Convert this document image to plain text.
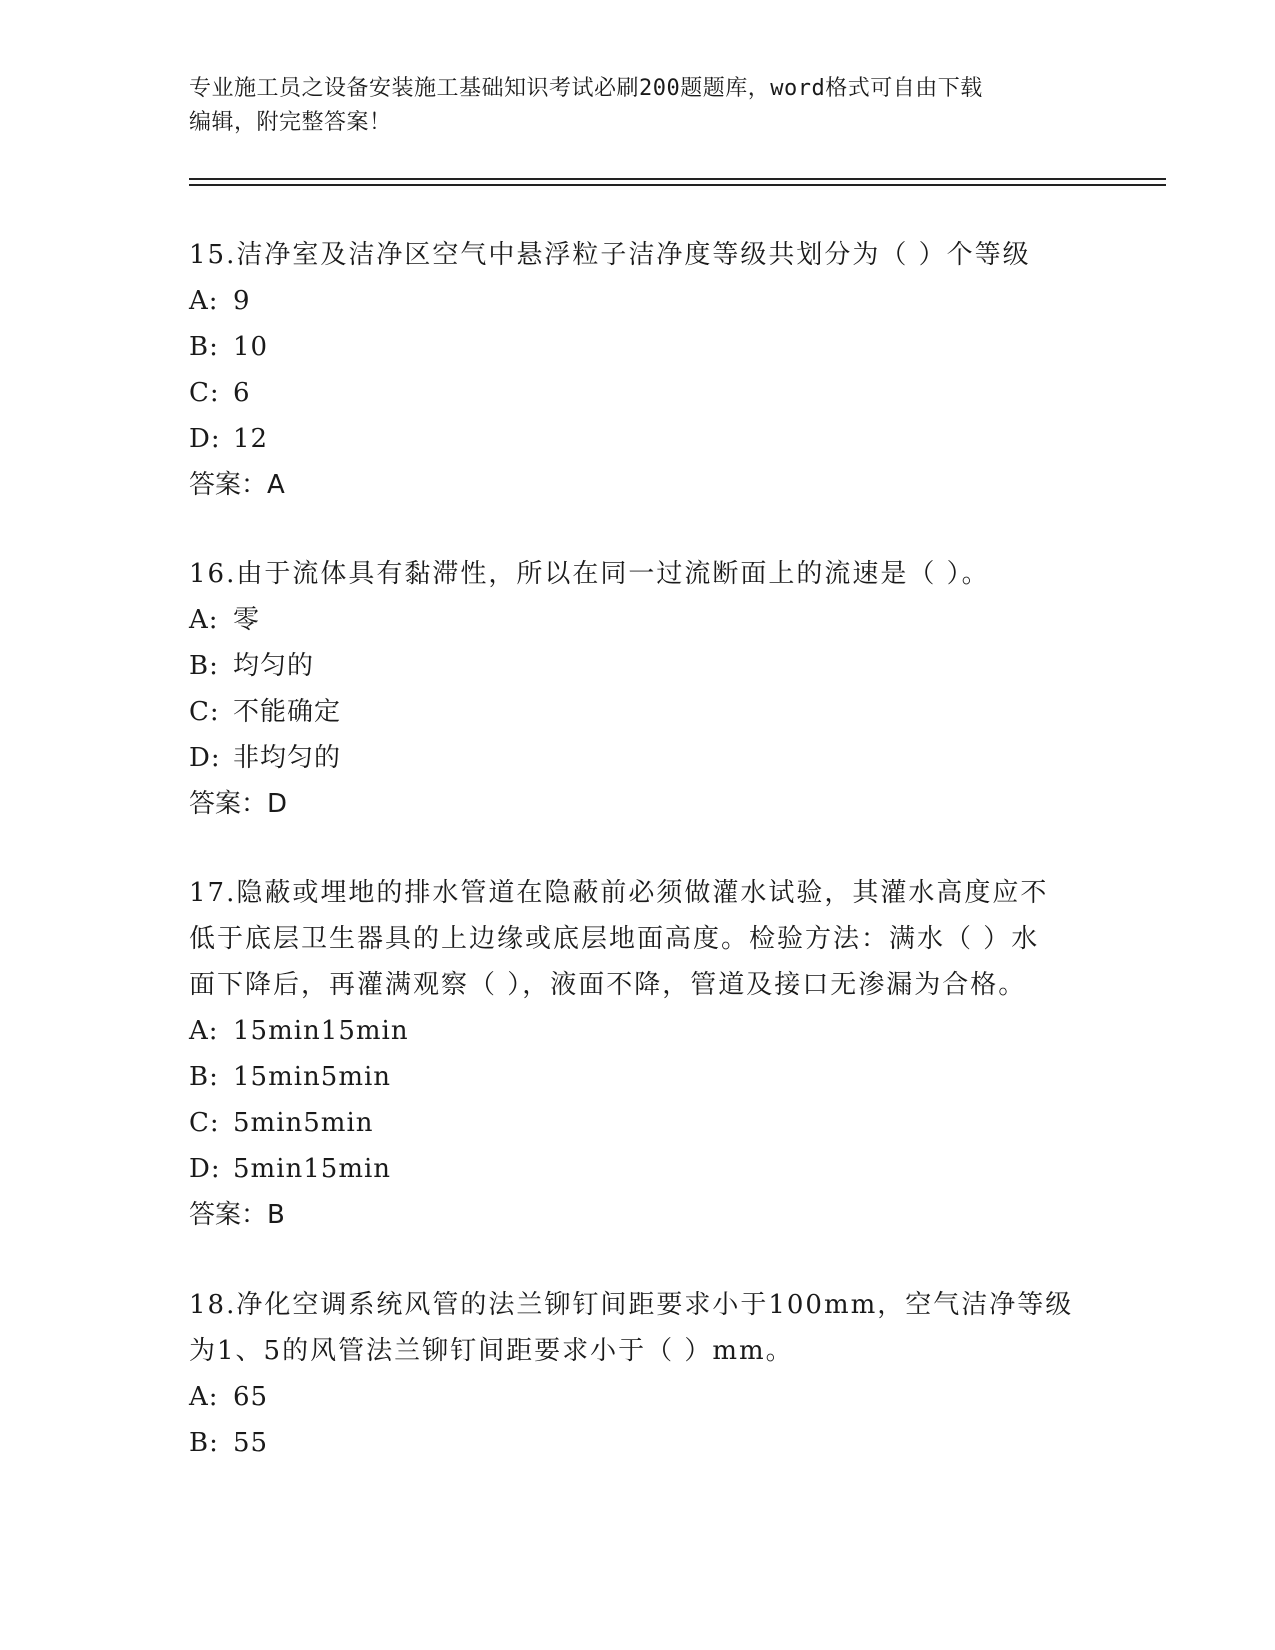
专业施工员之设备安装施工基础知识考试必刷200题题库，word格式可自由下载
编辑，附完整答案！
15.洁净室及洁净区空气中悬浮粒子洁净度等级共划分为（ ）个等级
A: 9
B: 10
C: 6
D: 12
答案：A
16.由于流体具有黏滞性，所以在同一过流断面上的流速是（ ）。
A: 零
B: 均匀的
C: 不能确定
D: 非均匀的
答案：D
17.隐蔽或埋地的排水管道在隐蔽前必须做灌水试验，其灌水高度应不
低于底层卫生器具的上边缘或底层地面高度。检验方法：满水（ ）水
面下降后，再灌满观察（ ），液面不降，管道及接口无渗漏为合格。
A: 15min15min
B: 15min5min
C: 5min5min
D: 5min15min
答案：B
18.净化空调系统风管的法兰铆钉间距要求小于100mm，空气洁净等级
为1、5的风管法兰铆钉间距要求小于（ ）mm。
A: 65
B: 55
